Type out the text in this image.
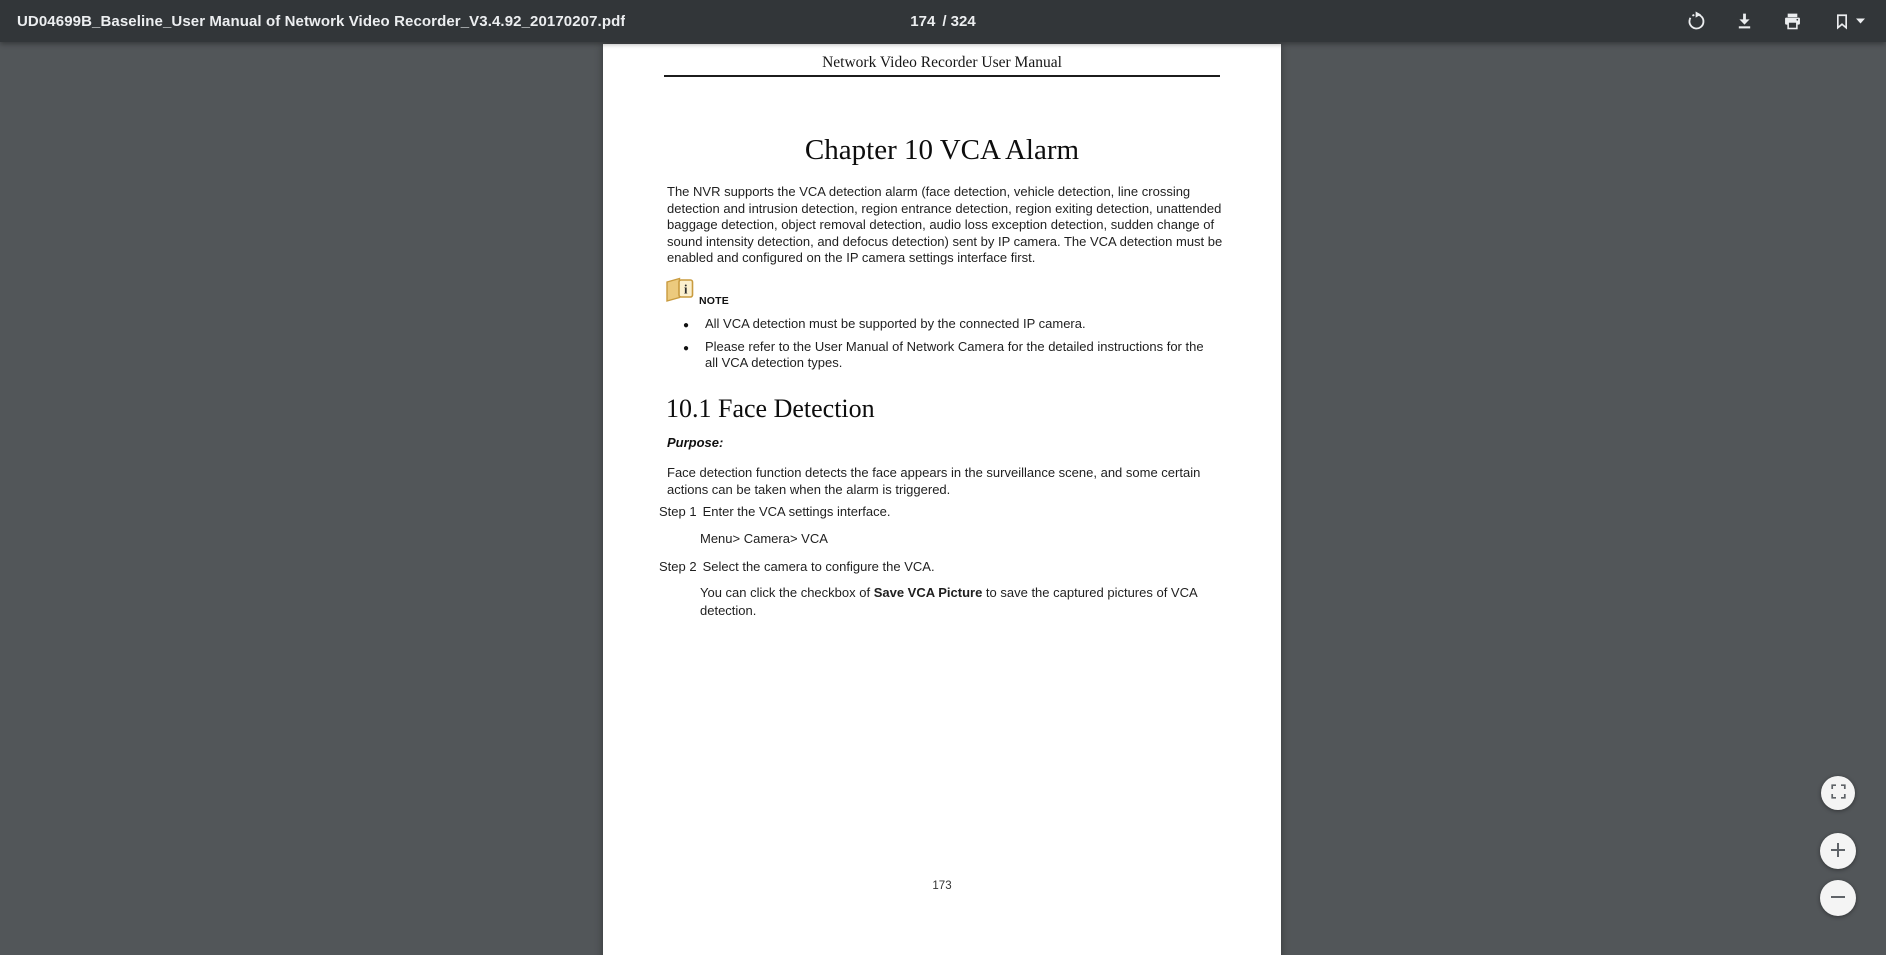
UD04699B_Baseline_User Manual of Network Video Recorder_V3.4.92_20170207.pdf	174 / 324
Network Video Recorder User Manual
Chapter 10 VCA Alarm
The NVR supports the VCA detection alarm (face detection, vehicle detection, line crossing detection and intrusion detection, region entrance detection, region exiting detection, unattended baggage detection, object removal detection, audio loss exception detection, sudden change of sound intensity detection, and defocus detection) sent by IP camera. The VCA detection must be enabled and configured on the IP camera settings interface first.
i
NOTE
● All VCA detection must be supported by the connected IP camera.
● Please refer to the User Manual of Network Camera for the detailed instructions for the all VCA detection types.
10.1 Face Detection
Purpose:
Face detection function detects the face appears in the surveillance scene, and some certain actions can be taken when the alarm is triggered.
Step 1 Enter the VCA settings interface.
Menu> Camera> VCA
Step 2 Select the camera to configure the VCA.
You can click the checkbox of Save VCA Picture to save the captured pictures of VCA detection.
173
